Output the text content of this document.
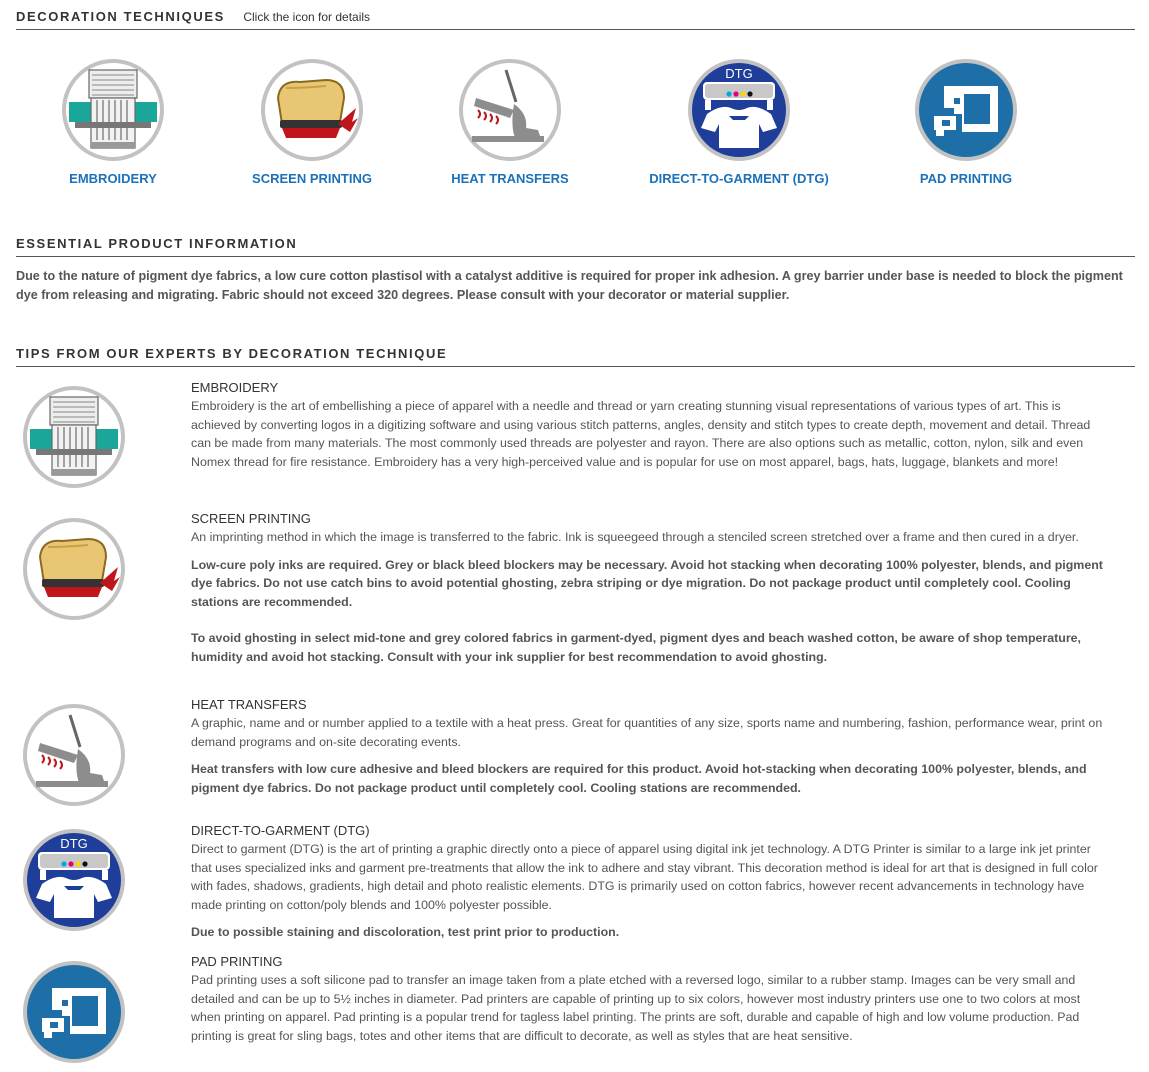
DECORATION TECHNIQUES Click the icon for details
EMBROIDERY	SCREEN PRINTING	HEAT TRANSFERS	DIRECT-TO-GARMENT (DTG)	PAD PRINTING
ESSENTIAL PRODUCT INFORMATION
Due to the nature of pigment dye fabrics, a low cure cotton plastisol with a catalyst additive is required for proper ink adhesion. A grey barrier under base is needed to block the pigment dye from releasing and migrating. Fabric should not exceed 320 degrees. Please consult with your decorator or material supplier.
TIPS FROM OUR EXPERTS BY DECORATION TECHNIQUE
EMBROIDERY

Embroidery is the art of embellishing a piece of apparel with a needle and thread or yarn creating stunning visual representations of various types of art. This is achieved by converting logos in a digitizing software and using various stitch patterns, angles, density and stitch types to create depth, movement and detail. Thread can be made from many materials. The most commonly used threads are polyester and rayon. There are also options such as metallic, cotton, nylon, silk and even Nomex thread for fire resistance. Embroidery has a very high-perceived value and is popular for use on most apparel, bags, hats, luggage, blankets and more!

SCREEN PRINTING

An imprinting method in which the image is transferred to the fabric. Ink is squeegeed through a stenciled screen stretched over a frame and then cured in a dryer.

Low-cure poly inks are required. Grey or black bleed blockers may be necessary. Avoid hot stacking when decorating 100% polyester, blends, and pigment dye fabrics. Do not use catch bins to avoid potential ghosting, zebra striping or dye migration. Do not package product until completely cool. Cooling stations are recommended.

To avoid ghosting in select mid-tone and grey colored fabrics in garment-dyed, pigment dyes and beach washed cotton, be aware of shop temperature, humidity and avoid hot stacking. Consult with your ink supplier for best recommendation to avoid ghosting.

HEAT TRANSFERS

A graphic, name and or number applied to a textile with a heat press. Great for quantities of any size, sports name and numbering, fashion, performance wear, print on demand programs and on-site decorating events.

Heat transfers with low cure adhesive and bleed blockers are required for this product. Avoid hot-stacking when decorating 100% polyester, blends, and pigment dye fabrics. Do not package product until completely cool. Cooling stations are recommended.

DIRECT-TO-GARMENT (DTG)

Direct to garment (DTG) is the art of printing a graphic directly onto a piece of apparel using digital ink jet technology. A DTG Printer is similar to a large ink jet printer that uses specialized inks and garment pre-treatments that allow the ink to adhere and stay vibrant. This decoration method is ideal for art that is designed in full color with fades, shadows, gradients, high detail and photo realistic elements. DTG is primarily used on cotton fabrics, however recent advancements in technology have made printing on cotton/poly blends and 100% polyester possible.

Due to possible staining and discoloration, test print prior to production.

PAD PRINTING

Pad printing uses a soft silicone pad to transfer an image taken from a plate etched with a reversed logo, similar to a rubber stamp. Images can be very small and detailed and can be up to 5½ inches in diameter. Pad printers are capable of printing up to six colors, however most industry printers use one to two colors at most when printing on apparel. Pad printing is a popular trend for tagless label printing. The prints are soft, durable and capable of high and low volume production. Pad printing is great for sling bags, totes and other items that are difficult to decorate, as well as styles that are heat sensitive.
